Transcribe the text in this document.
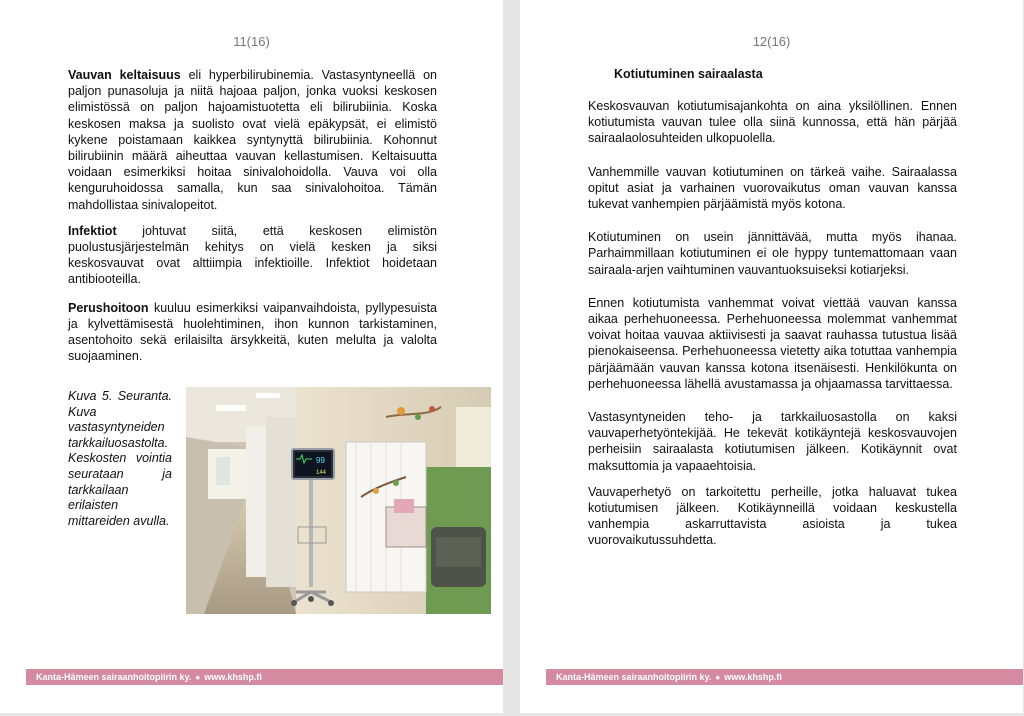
11(16)

Vauvan keltaisuus eli hyperbilirubinemia. Vastasyntyneellä on paljon punasoluja ja niitä hajoaa paljon, jonka vuoksi keskosen elimistössä on paljon hajoamistuotetta eli bilirubiinia. Koska keskosen maksa ja suolisto ovat vielä epäkypsät, ei elimistö kykene poistamaan kaikkea syntynyttä bilirubiinia. Kohonnut bilirubiinin määrä aiheuttaa vauvan kellastumisen. Keltaisuutta voidaan esimerkiksi hoitaa sinivalohoidolla. Vauva voi olla kenguruhoidossa samalla, kun saa sinivalohoitoa. Tämän mahdollistaa sinivalopeitot.

Infektiot johtuvat siitä, että keskosen elimistön puolustusjärjestelmän kehitys on vielä kesken ja siksi keskosvauvat ovat alttiimpia infektioille. Infektiot hoidetaan antibiooteilla.

Perushoitoon kuuluu esimerkiksi vaipanvaihdoista, pyllypesuista ja kylvettämisestä huolehtiminen, ihon kunnon tarkistaminen, asentohoito sekä erilaisilta ärsykkeitä, kuten melulta ja valolta suojaaminen.

Kuva 5. Seuranta. Kuva vastasyntyneiden tarkkailuosastolta. Keskosten vointia seurataan ja tarkkailaan erilaisten mittareiden avulla.
99
144
Kanta-Hämeen sairaanhoitopiirin ky. ● www.khshp.fi
12(16)
Kotiutuminen sairaalasta
Kanta-Hämeen sairaanhoitopiirin ky. ● www.khshp.fi

Keskosvauvan kotiutumisajankohta on aina yksilöllinen. Ennen kotiutumista vauvan tulee olla siinä kunnossa, että hän pärjää sairaalaolosuhteiden ulkopuolella.

Vanhemmille vauvan kotiutuminen on tärkeä vaihe. Sairaalassa opitut asiat ja varhainen vuorovaikutus oman vauvan kanssa tukevat vanhempien pärjäämistä myös kotona.

Kotiutuminen on usein jännittävää, mutta myös ihanaa. Parhaimmillaan kotiutuminen ei ole hyppy tuntemattomaan vaan sairaala-arjen vaihtuminen vauvantuoksuiseksi kotiarjeksi.

Ennen kotiutumista vanhemmat voivat viettää vauvan kanssa aikaa perhehuoneessa. Perhehuoneessa molemmat vanhemmat voivat hoitaa vauvaa aktiivisesti ja saavat rauhassa tutustua lisää pienokaiseensa. Perhehuoneessa vietetty aika totuttaa vanhempia pärjäämään vauvan kanssa kotona itsenäisesti. Henkilökunta on perhehuoneessa lähellä avustamassa ja ohjaamassa tarvittaessa.

Vastasyntyneiden teho- ja tarkkailuosastolla on kaksi vauvaperhetyöntekijää. He tekevät kotikäyntejä keskosvauvojen perheisiin sairaalasta kotiutumisen jälkeen. Kotikäynnit ovat maksuttomia ja vapaaehtoisia.

Vauvaperhetyö on tarkoitettu perheille, jotka haluavat tukea kotiutumisen jälkeen. Kotikäynneillä voidaan keskustella vanhempia askarruttavista asioista ja tukea vuorovaikutussuhdetta.
